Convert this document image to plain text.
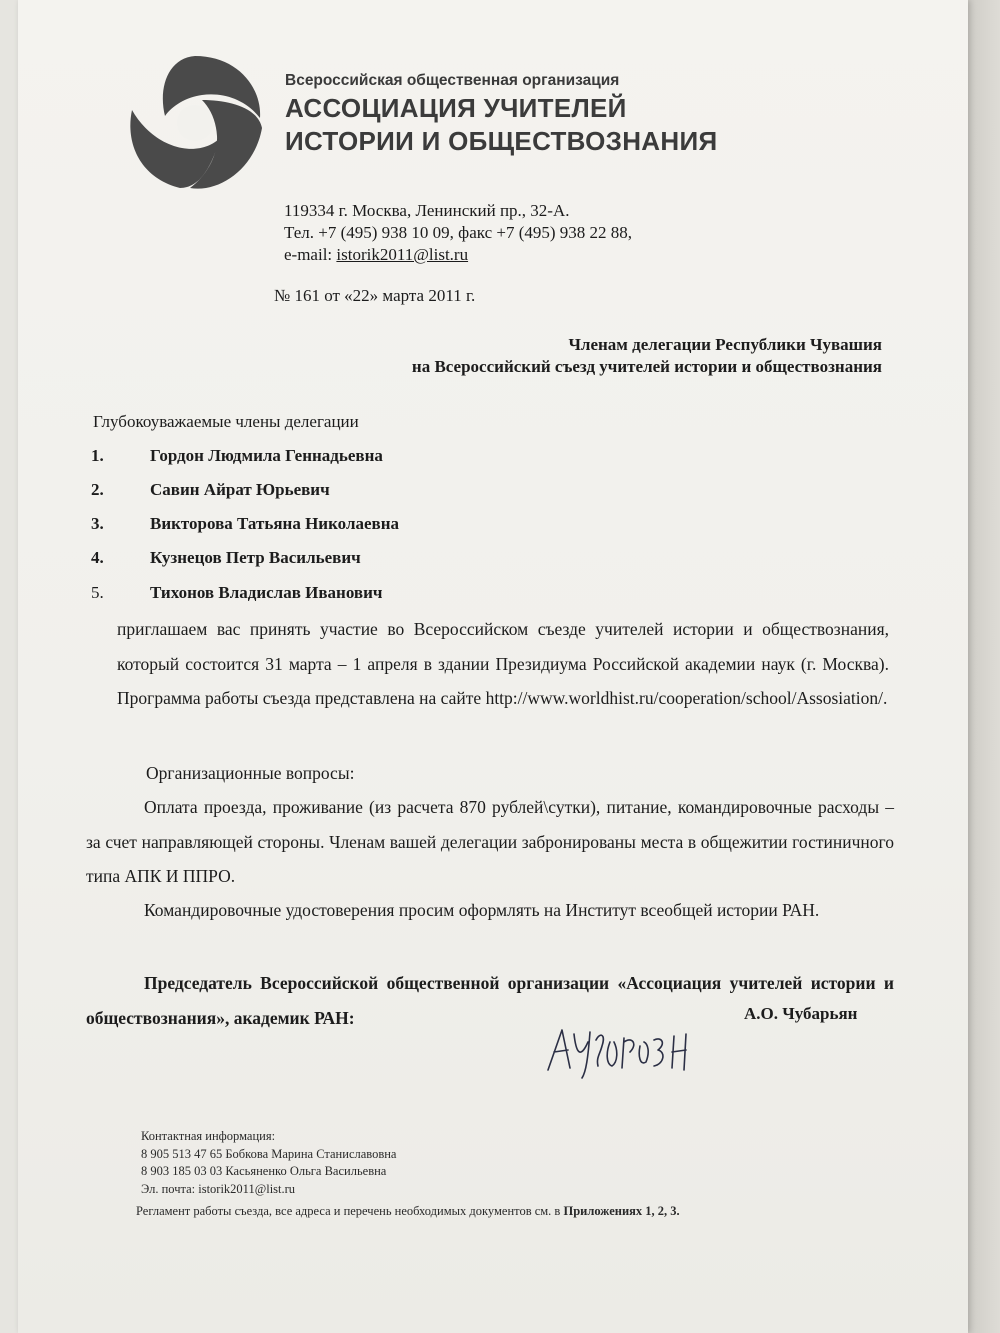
Всероссийская общественная организация
АССОЦИАЦИЯ УЧИТЕЛЕЙ
ИСТОРИИ И ОБЩЕСТВОЗНАНИЯ
119334 г. Москва, Ленинский пр., 32-А.
Тел. +7 (495) 938 10 09, факс +7 (495) 938 22 88,
e-mail: istorik2011@list.ru
№ 161 от «22» марта 2011 г.
Членам делегации Республики Чувашия
на Всероссийский съезд учителей истории и обществознания
Глубокоуважаемые члены делегации
1.	Гордон Людмила Геннадьевна
2.	Савин Айрат Юрьевич
3.	Викторова Татьяна Николаевна
4.	Кузнецов Петр Васильевич
5.	Тихонов Владислав Иванович
приглашаем вас принять участие во Всероссийском съезде учителей истории и обществознания, который состоится 31 марта – 1 апреля в здании Президиума Российской академии наук (г. Москва). Программа работы съезда представлена на сайте http://www.worldhist.ru/cooperation/school/Assosiation/.
Организационные вопросы:
Оплата проезда, проживание (из расчета 870 рублей\сутки), питание, командировочные расходы – за счет направляющей стороны. Членам вашей делегации забронированы места в общежитии гостиничного типа АПК И ППРО.
Командировочные удостоверения просим оформлять на Институт всеобщей истории РАН.
Председатель Всероссийской общественной организации «Ассоциация учителей истории и обществознания», академик РАН:	А.О. Чубарьян
Контактная информация:
8 905 513 47 65 Бобкова Марина Станиславовна
8 903 185 03 03 Касьяненко Ольга Васильевна
Эл. почта: istorik2011@list.ru
Регламент работы съезда, все адреса и перечень необходимых документов см. в Приложениях 1, 2, 3.
